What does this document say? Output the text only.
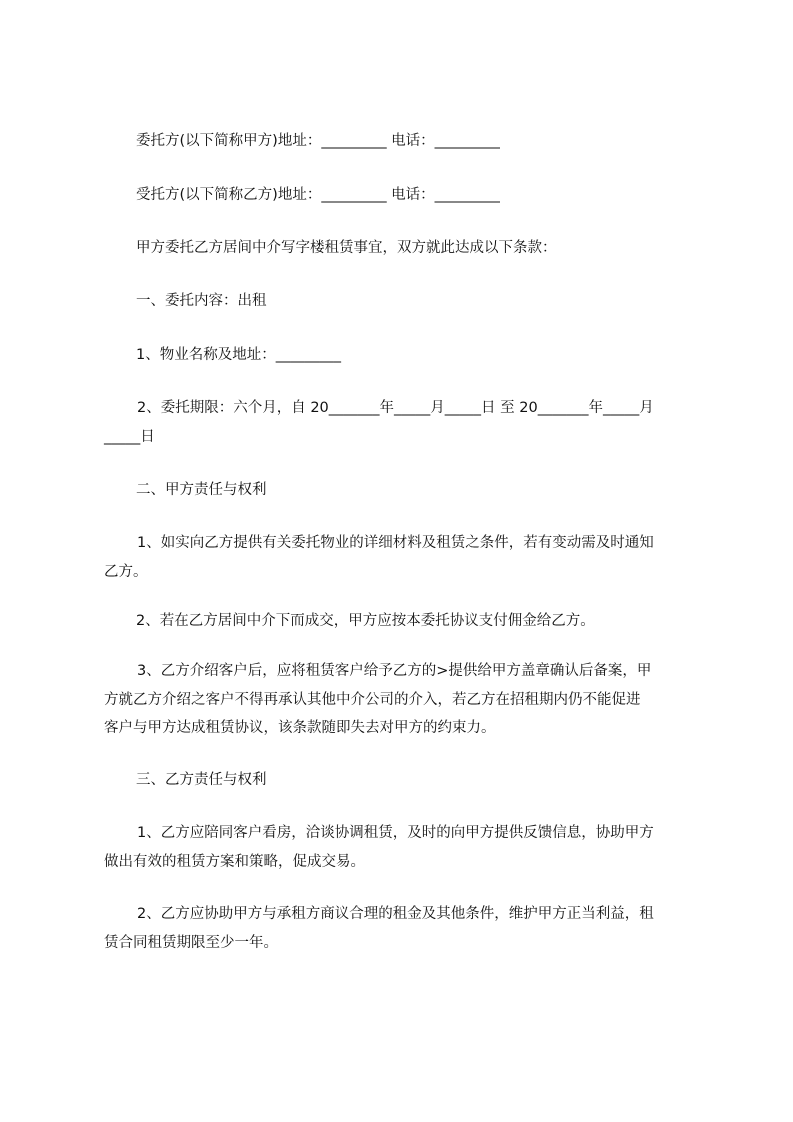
委托方(以下简称甲方)地址：_________ 电话：_________
受托方(以下简称乙方)地址：_________ 电话：_________
甲方委托乙方居间中介写字楼租赁事宜，双方就此达成以下条款：
一、委托内容：出租
1、物业名称及地址：_________
2、委托期限：六个月，自 20_______年_____月_____日 至 20_______年_____月
_____日
二、甲方责任与权利
1、如实向乙方提供有关委托物业的详细材料及租赁之条件，若有变动需及时通知
乙方。
2、若在乙方居间中介下而成交，甲方应按本委托协议支付佣金给乙方。
3、乙方介绍客户后，应将租赁客户给予乙方的>提供给甲方盖章确认后备案，甲
方就乙方介绍之客户不得再承认其他中介公司的介入，若乙方在招租期内仍不能促进
客户与甲方达成租赁协议，该条款随即失去对甲方的约束力。
三、乙方责任与权利
1、乙方应陪同客户看房，洽谈协调租赁，及时的向甲方提供反馈信息，协助甲方
做出有效的租赁方案和策略，促成交易。
2、乙方应协助甲方与承租方商议合理的租金及其他条件，维护甲方正当利益，租
赁合同租赁期限至少一年。
